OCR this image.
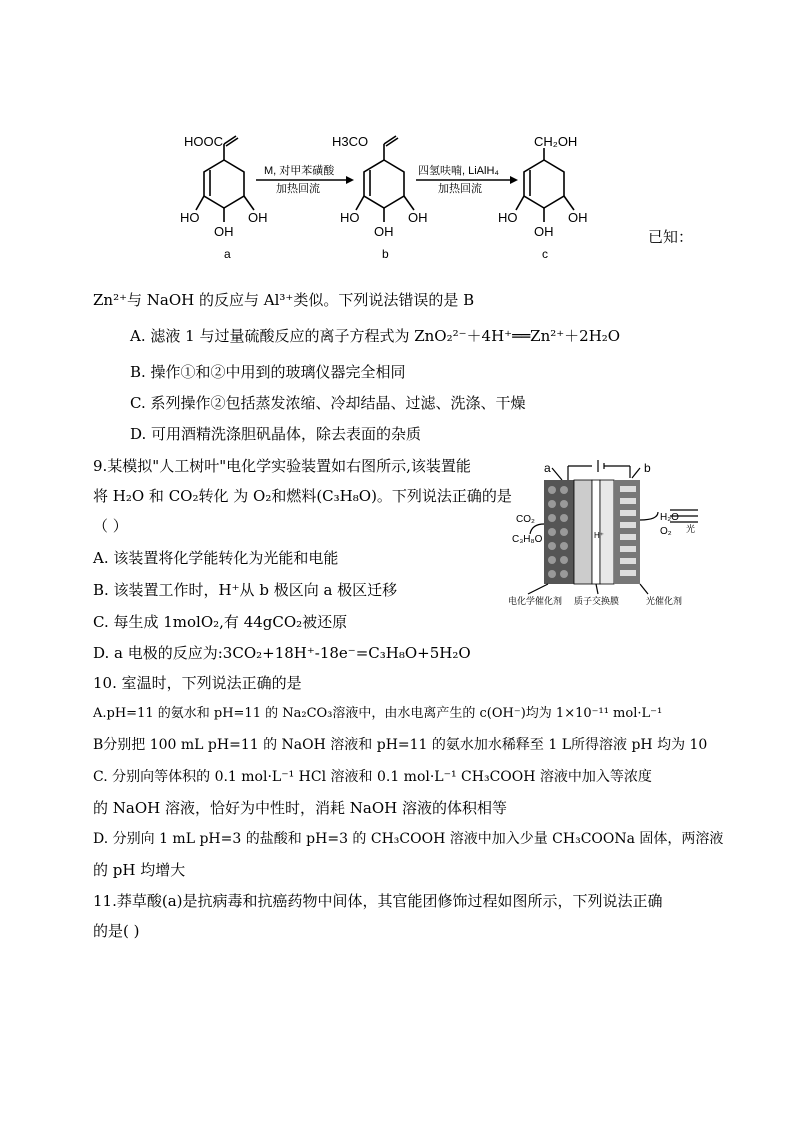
HOOC
HO	OH
OH
a
H3CO
HO	OH
OH
b
CH₂OH
HO	OH
OH
c
M, 对甲苯磺酸
加热回流
四氢呋喃, LiAlH₄
加热回流
已知：
Zn²⁺与 NaOH 的反应与 Al³⁺类似。下列说法错误的是 B
A. 滤液 1 与过量硫酸反应的离子方程式为 ZnO₂²⁻＋4H⁺══Zn²⁺＋2H₂O
B. 操作①和②中用到的玻璃仪器完全相同
C. 系列操作②包括蒸发浓缩、冷却结晶、过滤、洗涤、干燥
D. 可用酒精洗涤胆矾晶体，除去表面的杂质
9.某模拟"人工树叶"电化学实验装置如右图所示,该装置能
将 H₂O 和 CO₂转化 为 O₂和燃料(C₃H₈O)。下列说法正确的是
（ ）
A. 该装置将化学能转化为光能和电能
B. 该装置工作时，H⁺从 b 极区向 a 极区迁移
C. 每生成 1molO₂,有 44gCO₂被还原
D. a 电极的反应为:3CO₂+18H⁺-18e⁻=C₃H₈O+5H₂O
a	b
CO₂
C₃H₈O	H⁺
H₂O
O₂ 光
电化学催化剂 质子交换膜	光催化剂
10. 室温时，下列说法正确的是
A.pH=11 的氨水和 pH=11 的 Na₂CO₃溶液中，由水电离产生的 c(OH⁻)均为 1×10⁻¹¹ mol·L⁻¹
B分别把 100 mL pH=11 的 NaOH 溶液和 pH=11 的氨水加水稀释至 1 L所得溶液 pH 均为 10
C. 分别向等体积的 0.1 mol·L⁻¹ HCl 溶液和 0.1 mol·L⁻¹ CH₃COOH 溶液中加入等浓度
的 NaOH 溶液，恰好为中性时，消耗 NaOH 溶液的体积相等
D. 分别向 1 mL pH=3 的盐酸和 pH=3 的 CH₃COOH 溶液中加入少量 CH₃COONa 固体，两溶液
的 pH 均增大
11.莽草酸(a)是抗病毒和抗癌药物中间体，其官能团修饰过程如图所示，下列说法正确
的是( )
